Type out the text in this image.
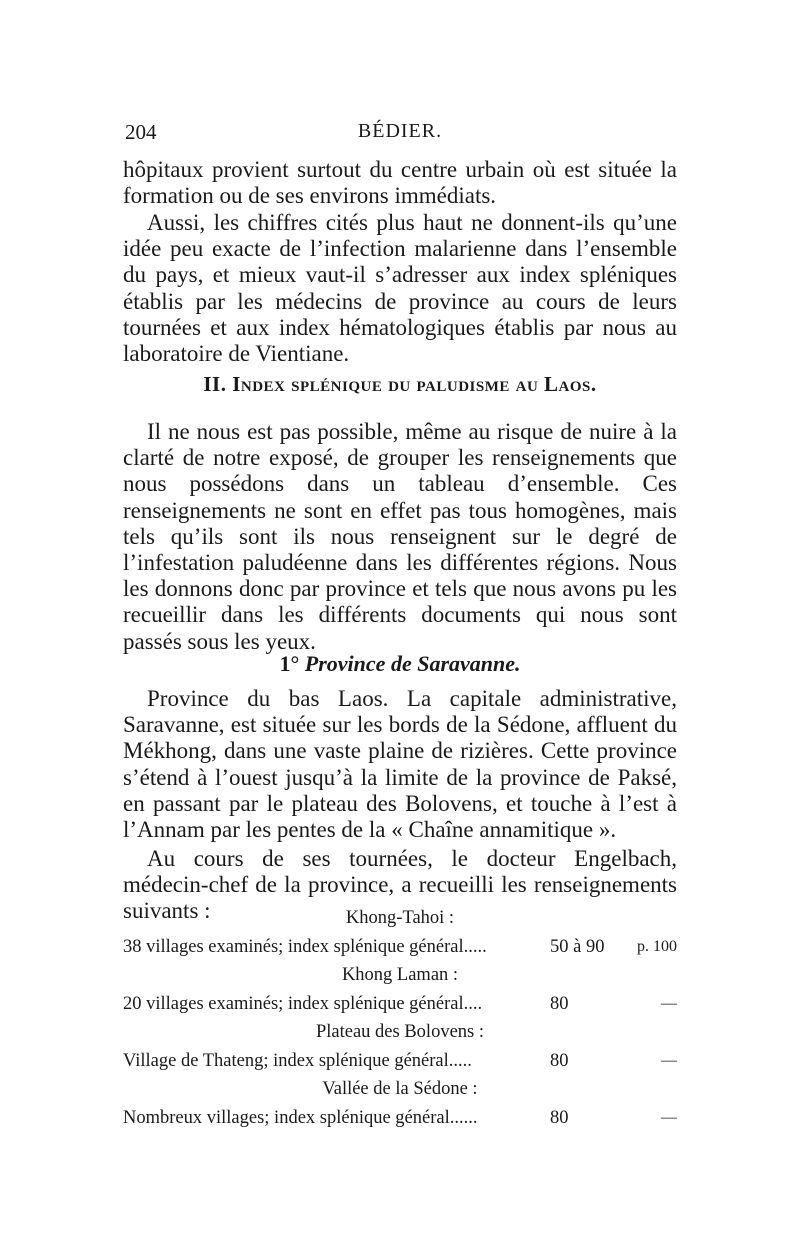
204	BÉDIER.

hôpitaux provient surtout du centre urbain où est située la formation ou de ses environs immédiats.

Aussi, les chiffres cités plus haut ne donnent-ils qu’une idée peu exacte de l’infection malarienne dans l’ensemble du pays, et mieux vaut-il s’adresser aux index spléniques établis par les médecins de province au cours de leurs tournées et aux index hématologiques établis par nous au laboratoire de Vientiane.

II. Index splénique du paludisme au Laos.

Il ne nous est pas possible, même au risque de nuire à la clarté de notre exposé, de grouper les renseignements que nous possédons dans un tableau d’ensemble. Ces renseignements ne sont en effet pas tous homogènes, mais tels qu’ils sont ils nous renseignent sur le degré de l’infestation paludéenne dans les différentes régions. Nous les donnons donc par province et tels que nous avons pu les recueillir dans les différents documents qui nous sont passés sous les yeux.

1° Province de Saravanne.

Province du bas Laos. La capitale administrative, Saravanne, est située sur les bords de la Sédone, affluent du Mékhong, dans une vaste plaine de rizières. Cette province s’étend à l’ouest jusqu’à la limite de la province de Paksé, en passant par le plateau des Bolovens, et touche à l’est à l’Annam par les pentes de la « Chaîne annamitique ».

Au cours de ses tournées, le docteur Engelbach, médecin-chef de la province, a recueilli les renseignements suivants :	Khong-Tahoi :
38 villages examinés; index splénique général.....	50 à 90 p. 100
Khong Laman :
20 villages examinés; index splénique général....	80	—
Plateau des Bolovens :
Village de Thateng; index splénique général.....	80	—
Vallée de la Sédone :
Nombreux villages; index splénique général......	80	—
